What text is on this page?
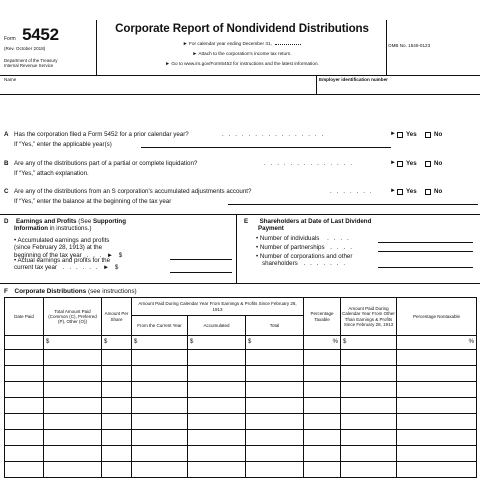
Form 5452
(Rev. October 2018)
Department of the Treasury
Internal Revenue Service
Corporate Report of Nondividend Distributions
► For calendar year ending December 31,
► Attach to the corporation's income tax return.
► Go to www.irs.gov/Form5452 for instructions and the latest information.
OMB No. 1545-0123
Name	Employer identification number
A Has the corporation filed a Form 5452 for a prior calendar year?	. . . . . . . . . . . . . . . .	► Yes	No
If “Yes,” enter the applicable year(s)
B Are any of the distributions part of a partial or complete liquidation?	. . . . . . . . . . . . . .	► Yes	No
If “Yes,” attach explanation.
C Are any of the distributions from an S corporation's accumulated adjustments account?	. . . . . . .	► Yes	No
If “Yes,” enter the balance at the beginning of the tax year
D Earnings and Profits (See Supporting
Information in instructions.)
• Accumulated earnings and profits
(since February 28, 1913) at the
beginning of the tax year . . . ► $
• Actual earnings and profits for the
current tax year . . . . . . ► $
E Shareholders at Date of Last Dividend
Payment
• Number of individuals . . . .
• Number of partnerships . . . .
• Number of corporations and other
shareholders . . . . . . .
F Corporate Distributions (see instructions)
Date Paid	Total Amount Paid (Common (C), Preferred (P), Other (O))	Amount Per Share	Amount Paid During Calendar Year From Earnings & Profits Since February 28, 1913			Percentage Taxable	Amount Paid During Calendar Year From Other Than Earnings & Profits Since February 28, 1913	Percentage Nontaxable
			From the Current Year	Accumulated	Total			
	$	$	$	$	$	%	$	%
